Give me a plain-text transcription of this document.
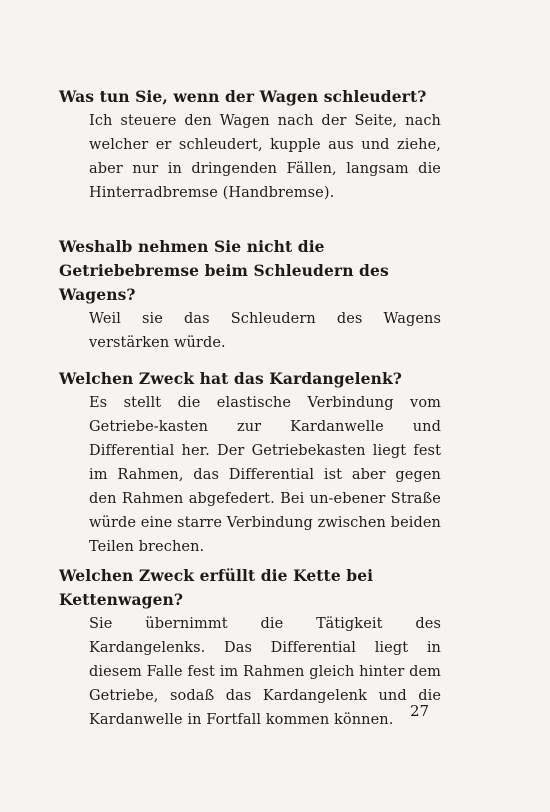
Was tun Sie, wenn der Wagen schleudert?

Ich steuere den Wagen nach der Seite, nach welcher er schleudert, kupple aus und ziehe, aber nur in dringenden Fällen, langsam die Hinterradbremse (Handbremse).

Weshalb nehmen Sie nicht die Getriebebremse beim Schleudern des Wagens?

Weil sie das Schleudern des Wagens verstärken würde.

Welchen Zweck hat das Kardangelenk?

Es stellt die elastische Verbindung vom Getriebe-kasten zur Kardanwelle und Differential her. Der Getriebekasten liegt fest im Rahmen, das Differential ist aber gegen den Rahmen abgefedert. Bei un-ebener Straße würde eine starre Verbindung zwischen beiden Teilen brechen.

Welchen Zweck erfüllt die Kette bei Kettenwagen?

Sie übernimmt die Tätigkeit des Kardangelenks. Das Differential liegt in diesem Falle fest im Rahmen gleich hinter dem Getriebe, sodaß das Kardangelenk und die Kardanwelle in Fortfall kommen können.	27
